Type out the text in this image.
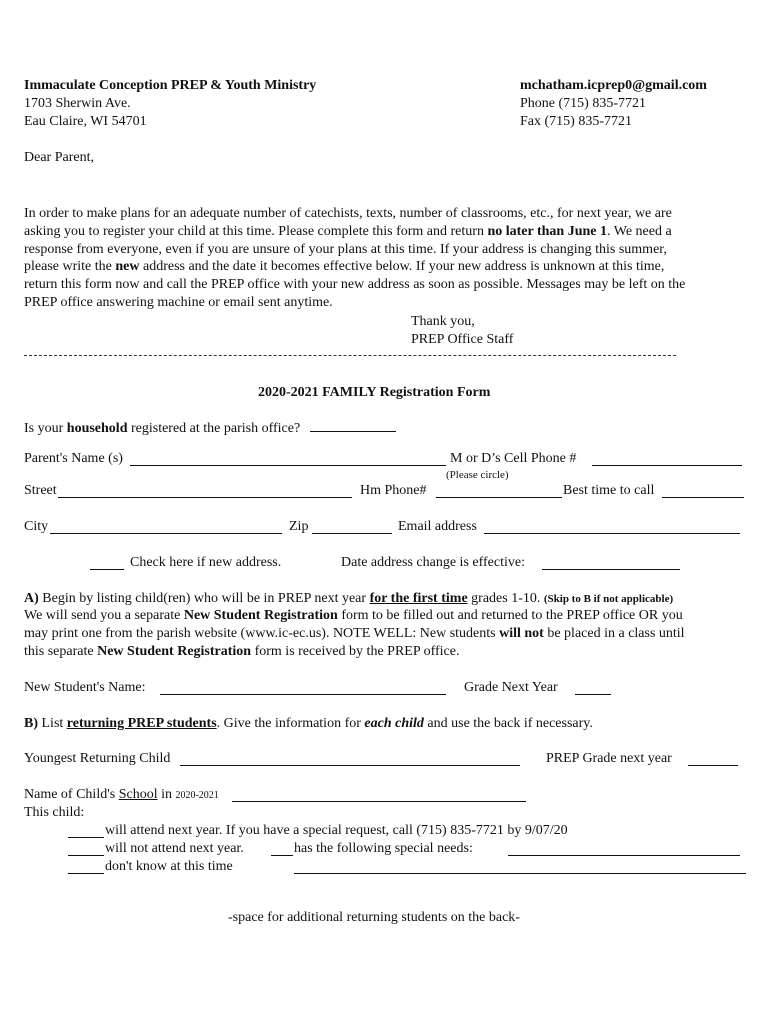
Immaculate Conception PREP & Youth Ministry
1703 Sherwin Ave.
Eau Claire, WI 54701
mchatham.icprep0@gmail.com
Phone (715) 835-7721
Fax (715) 835-7721
Dear Parent,
In order to make plans for an adequate number of catechists, texts, number of classrooms, etc., for next year, we are
asking you to register your child at this time. Please complete this form and return no later than June 1. We need a
response from everyone, even if you are unsure of your plans at this time. If your address is changing this summer,
please write the new address and the date it becomes effective below. If your new address is unknown at this time,
return this form now and call the PREP office with your new address as soon as possible. Messages may be left on the
PREP office answering machine or email sent anytime.
Thank you,
PREP Office Staff
2020-2021 FAMILY Registration Form
Is your household registered at the parish office?
Parent's Name (s)	M or D’s Cell Phone #
(Please circle)
Street	Hm Phone#	Best time to call
City	Zip	Email address
Check here if new address.	Date address change is effective:
A) Begin by listing child(ren) who will be in PREP next year for the first time grades 1-10. (Skip to B if not applicable)
We will send you a separate New Student Registration form to be filled out and returned to the PREP office OR you
may print one from the parish website (www.ic-ec.us). NOTE WELL: New students will not be placed in a class until
this separate New Student Registration form is received by the PREP office.
New Student's Name:	Grade Next Year
B) List returning PREP students. Give the information for each child and use the back if necessary.
Youngest Returning Child	PREP Grade next year
Name of Child's School in 2020-2021
This child:
will attend next year. If you have a special request, call (715) 835-7721 by 9/07/20
will not attend next year.	has the following special needs:
don't know at this time
-space for additional returning students on the back-
